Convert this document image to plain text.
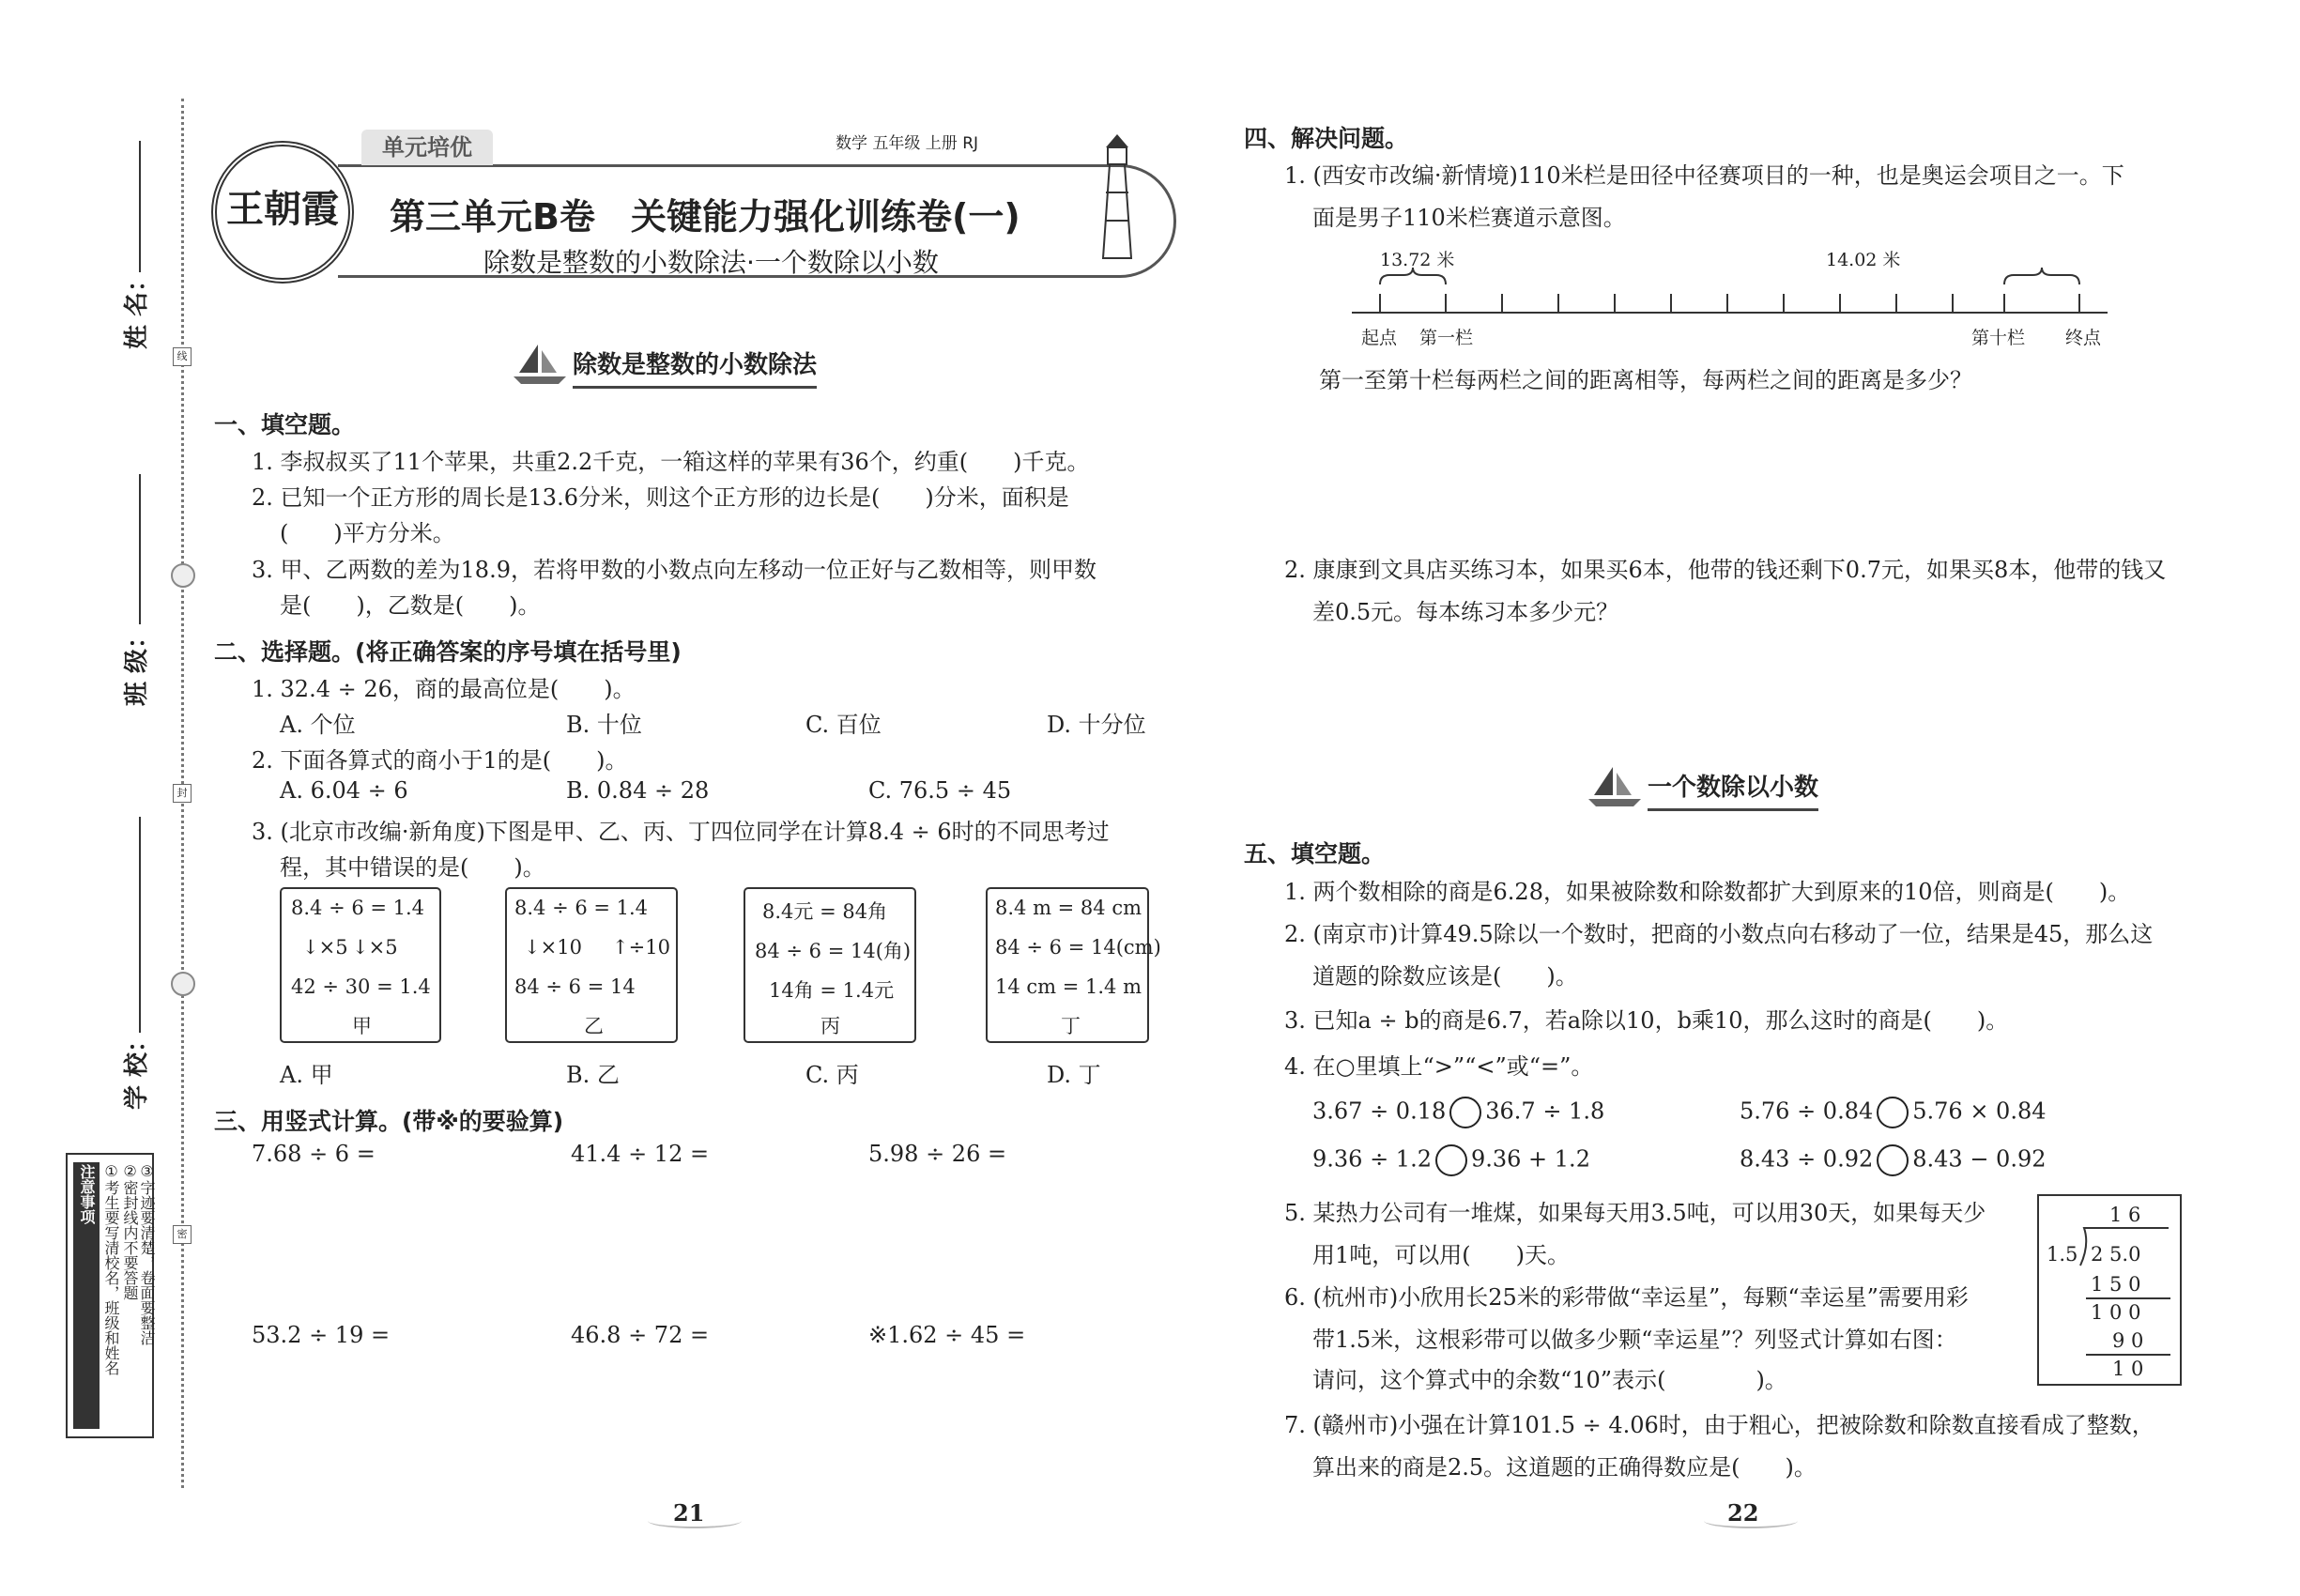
姓 名：
班 级：
学 校：
线
封
密
注意事项 ①考生要写清校名，班级和姓名 ②密封线内不要答题 ③字迹要清楚，卷面要整洁
单元培优
王朝霞
数学 五年级 上册 RJ
第三单元B卷　关键能力强化训练卷(一)
除数是整数的小数除法·一个数除以小数
除数是整数的小数除法
一、填空题。
1. 李叔叔买了11个苹果，共重2.2千克，一箱这样的苹果有36个，约重(　　)千克。
2. 已知一个正方形的周长是13.6分米，则这个正方形的边长是(　　)分米，面积是
(　　)平方分米。
3. 甲、乙两数的差为18.9，若将甲数的小数点向左移动一位正好与乙数相等，则甲数
是(　　)，乙数是(　　)。
二、选择题。(将正确答案的序号填在括号里)
1. 32.4 ÷ 26，商的最高位是(　　)。
A. 个位	B. 十位	C. 百位	D. 十分位
2. 下面各算式的商小于1的是(　　)。
A. 6.04 ÷ 6	B. 0.84 ÷ 28	C. 76.5 ÷ 45
3. (北京市改编·新角度)下图是甲、乙、丙、丁四位同学在计算8.4 ÷ 6时的不同思考过
程，其中错误的是(　　)。
8.4 ÷ 6 = 1.4
↓×5 ↓×5
42 ÷ 30 = 1.4
甲
8.4 ÷ 6 = 1.4
↓×10 ↑÷10
84 ÷ 6 = 14
乙
8.4元 = 84角
84 ÷ 6 = 14(角)
14角 = 1.4元
丙
8.4 m = 84 cm
84 ÷ 6 = 14(cm)
14 cm = 1.4 m
丁
A. 甲	B. 乙	C. 丙	D. 丁
三、用竖式计算。(带※的要验算)
7.68 ÷ 6 =	41.4 ÷ 12 =	5.98 ÷ 26 =
53.2 ÷ 19 =	46.8 ÷ 72 =	※1.62 ÷ 45 =
21
四、解决问题。
1. (西安市改编·新情境)110米栏是田径中径赛项目的一种，也是奥运会项目之一。下
面是男子110米栏赛道示意图。
13.72 米	14.02 米
起点 第一栏	第十栏 终点
第一至第十栏每两栏之间的距离相等，每两栏之间的距离是多少？
2. 康康到文具店买练习本，如果买6本，他带的钱还剩下0.7元，如果买8本，他带的钱又
差0.5元。每本练习本多少元？
一个数除以小数
五、填空题。
1. 两个数相除的商是6.28，如果被除数和除数都扩大到原来的10倍，则商是(　　)。
2. (南京市)计算49.5除以一个数时，把商的小数点向右移动了一位，结果是45，那么这
道题的除数应该是(　　)。
3. 已知a ÷ b的商是6.7，若a除以10，b乘10，那么这时的商是(　　)。
4. 在○里填上“>”“<”或“=”。
3.67 ÷ 0.18 36.7 ÷ 1.8	5.76 ÷ 0.84 5.76 × 0.84
9.36 ÷ 1.2 9.36 + 1.2	8.43 ÷ 0.92 8.43 − 0.92
5. 某热力公司有一堆煤，如果每天用3.5吨，可以用30天，如果每天少
用1吨，可以用(　　)天。
6. (杭州市)小欣用长25米的彩带做“幸运星”，每颗“幸运星”需要用彩
带1.5米，这根彩带可以做多少颗“幸运星”？列竖式计算如右图：
请问，这个算式中的余数“10”表示(　　　　)。
7. (赣州市)小强在计算101.5 ÷ 4.06时，由于粗心，把被除数和除数直接看成了整数，
算出来的商是2.5。这道题的正确得数应是(　　)。
1 6
1.5 2 5.0
1 5 0
1 0 0
9 0
1 0
22
